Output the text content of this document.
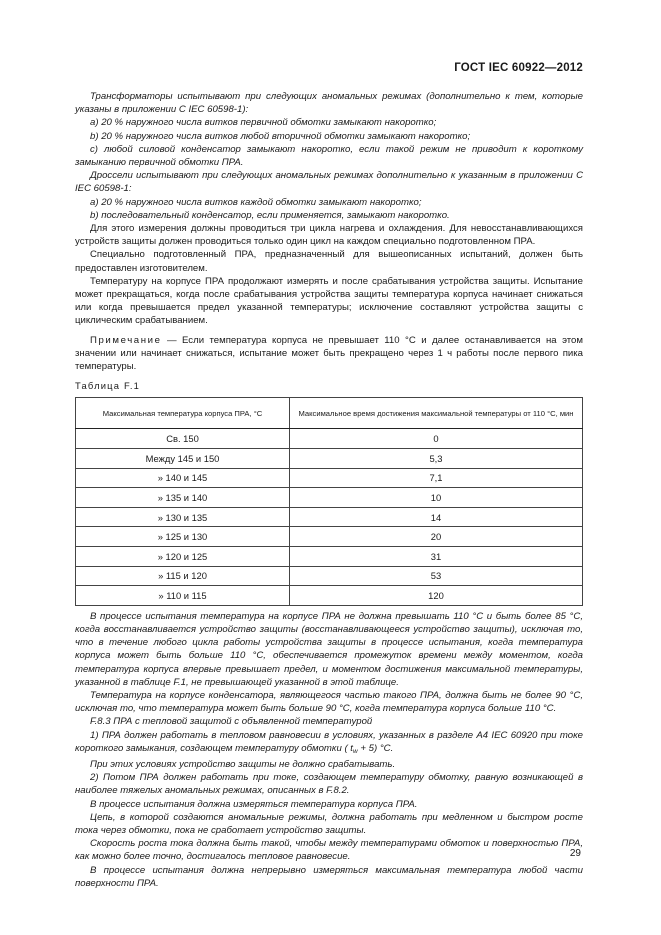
ГОСТ IEC 60922—2012

Трансформаторы испытывают при следующих аномальных режимах (дополнительно к тем, которые указаны в приложении С IEC 60598-1):

a) 20 % наружного числа витков первичной обмотки замыкают накоротко;

b) 20 % наружного числа витков любой вторичной обмотки замыкают накоротко;

c) любой силовой конденсатор замыкают накоротко, если такой режим не приводит к короткому замыканию первичной обмотки ПРА.

Дроссели испытывают при следующих аномальных режимах дополнительно к указанным в приложении С IEC 60598-1:

a) 20 % наружного числа витков каждой обмотки замыкают накоротко;

b) последовательный конденсатор, если применяется, замыкают накоротко.

Для этого измерения должны проводиться три цикла нагрева и охлаждения. Для невосстанавливающихся устройств защиты должен проводиться только один цикл на каждом специально подготовленном ПРА.

Специально подготовленный ПРА, предназначенный для вышеописанных испытаний, должен быть предоставлен изготовителем.

Температуру на корпусе ПРА продолжают измерять и после срабатывания устройства защиты. Испытание может прекращаться, когда после срабатывания устройства защиты температура корпуса начинает снижаться или когда превышается предел указанной температуры; исключение составляют устройства защиты с циклическим срабатыванием.

Примечание — Если температура корпуса не превышает 110 °С и далее останавливается на этом значении или начинает снижаться, испытание может быть прекращено через 1 ч работы после первого пика температуры.

Таблица F.1

Максимальная температура корпуса ПРА, °С	Максимальное время достижения максимальной температуры от 110 °С, мин
Св. 150	0
Между 145 и 150	5,3
» 140 и 145	7,1
» 135 и 140	10
» 130 и 135	14
» 125 и 130	20
» 120 и 125	31
» 115 и 120	53
» 110 и 115	120

В процессе испытания температура на корпусе ПРА не должна превышать 110 °С и быть более 85 °С, когда восстанавливается устройство защиты (восстанавливающееся устройство защиты), исключая то, что в течение любого цикла работы устройства защиты в процессе испытания, когда температура корпуса может быть больше 110 °С, обеспечивается промежуток времени между моментом, когда температура корпуса впервые превышает предел, и моментом достижения максимальной температуры, указанной в таблице F.1, не превышающей указанной в этой таблице.

Температура на корпусе конденсатора, являющегося частью такого ПРА, должна быть не более 90 °С, исключая то, что температура может быть больше 90 °С, когда температура корпуса больше 110 °С.

F.8.3 ПРА с тепловой защитой с объявленной температурой

1) ПРА должен работать в тепловом равновесии в условиях, указанных в разделе А4 IEC 60920 при токе короткого замыкания, создающем температуру обмотки ( $t_w + 5$) °С.

При этих условиях устройство защиты не должно срабатывать.

2) Потом ПРА должен работать при токе, создающем температуру обмотку, равную возникающей в наиболее тяжелых аномальных режимах, описанных в F.8.2.

В процессе испытания должна измеряться температура корпуса ПРА.

Цепь, в которой создаются аномальные режимы, должна работать при медленном и быстром росте тока через обмотки, пока не сработает устройство защиты.

Скорость роста тока должна быть такой, чтобы между температурами обмоток и поверхностью ПРА, как можно более точно, достигалось тепловое равновесие.

В процессе испытания должна непрерывно измеряться максимальная температура любой части поверхности ПРА.

29
